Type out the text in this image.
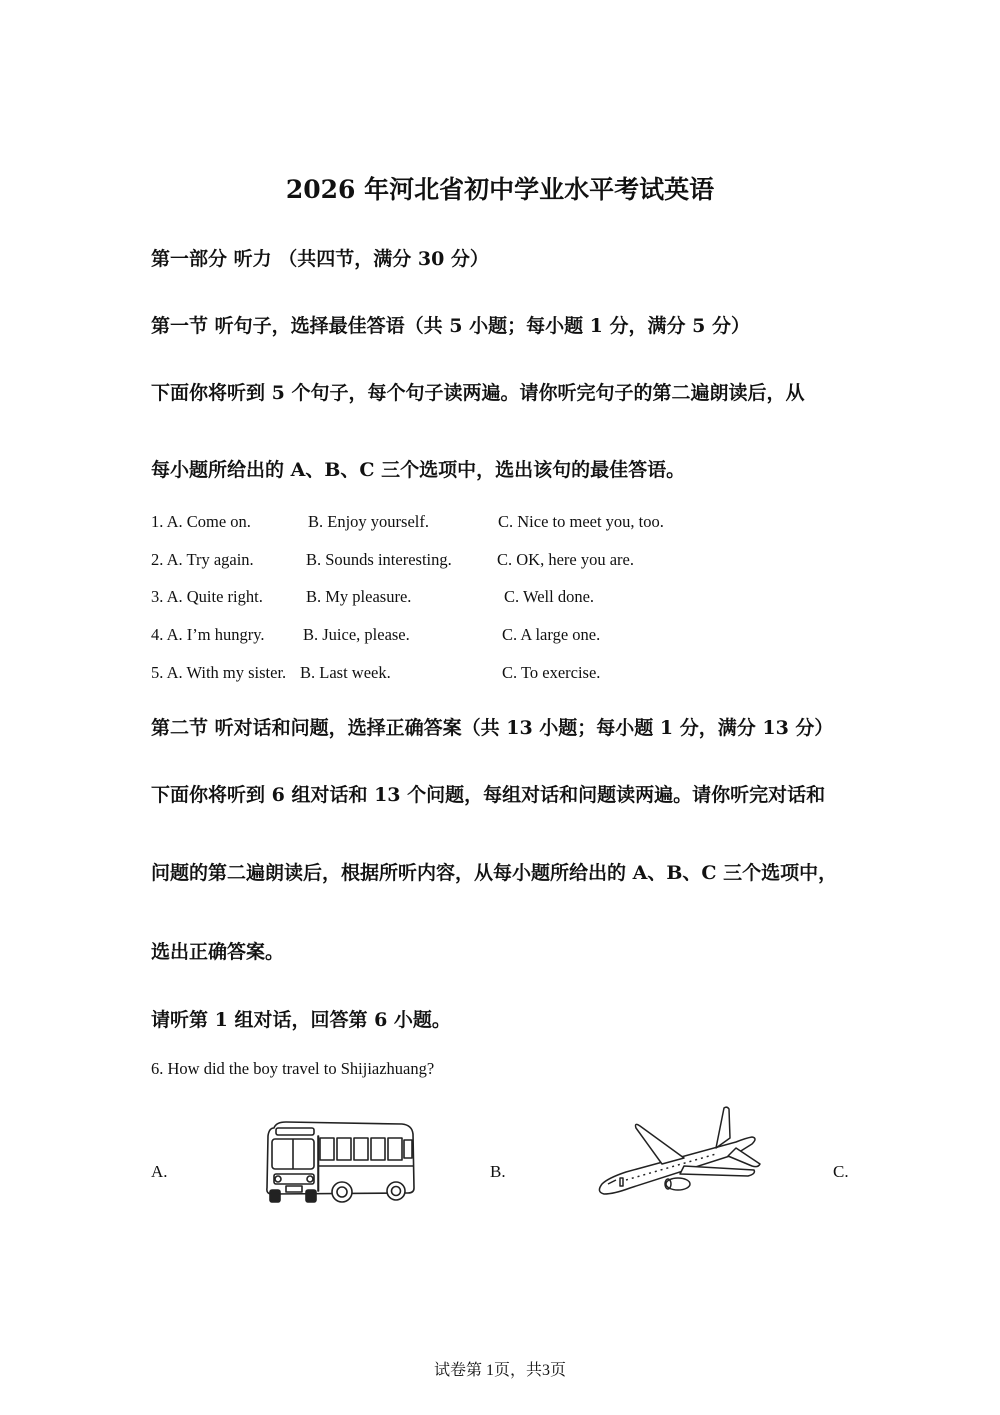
2026 年河北省初中学业水平考试英语
第一部分 听力 （共四节，满分 30 分）
第一节 听句子，选择最佳答语（共 5 小题；每小题 1 分，满分 5 分）
下面你将听到 5 个句子，每个句子读两遍。请你听完句子的第二遍朗读后，从
每小题所给出的 A、B、C 三个选项中，选出该句的最佳答语。
1. A. Come on.	B. Enjoy yourself.	C. Nice to meet you, too.
2. A. Try again.	B. Sounds interesting.	C. OK, here you are.
3. A. Quite right.	B. My pleasure.	C. Well done.
4. A. I’m hungry. B. Juice, please.	C. A large one.
5. A. With my sister. B. Last week.	C. To exercise.
第二节 听对话和问题，选择正确答案（共 13 小题；每小题 1 分，满分 13 分）
下面你将听到 6 组对话和 13 个问题，每组对话和问题读两遍。请你听完对话和
问题的第二遍朗读后，根据所听内容，从每小题所给出的 A、B、C 三个选项中，
选出正确答案。
请听第 1 组对话，回答第 6 小题。
6. How did the boy travel to Shijiazhuang?
A.	B.	C.
试卷第 1页，共3页
